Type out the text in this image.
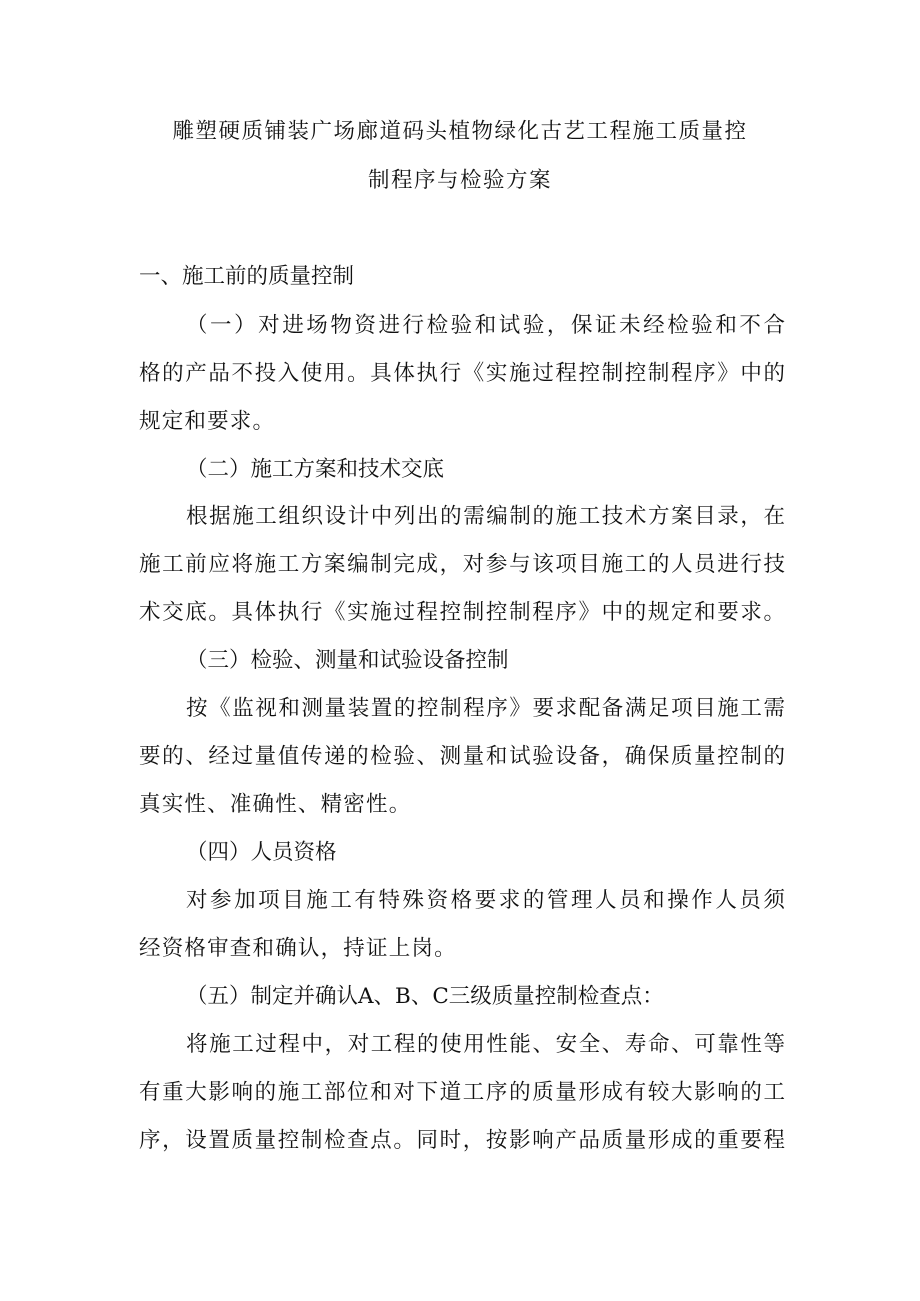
雕塑硬质铺装广场廊道码头植物绿化古艺工程施工质量控
制程序与检验方案

一、施工前的质量控制

（一）对进场物资进行检验和试验，保证未经检验和不合

格的产品不投入使用。具体执行《实施过程控制控制程序》中的

规定和要求。

（二）施工方案和技术交底

根据施工组织设计中列出的需编制的施工技术方案目录，在

施工前应将施工方案编制完成，对参与该项目施工的人员进行技

术交底。具体执行《实施过程控制控制程序》中的规定和要求。

（三）检验、测量和试验设备控制

按《监视和测量装置的控制程序》要求配备满足项目施工需

要的、经过量值传递的检验、测量和试验设备，确保质量控制的

真实性、准确性、精密性。

（四）人员资格

对参加项目施工有特殊资格要求的管理人员和操作人员须

经资格审查和确认，持证上岗。

（五）制定并确认A、B、C三级质量控制检查点：

将施工过程中，对工程的使用性能、安全、寿命、可靠性等

有重大影响的施工部位和对下道工序的质量形成有较大影响的工

序，设置质量控制检查点。同时，按影响产品质量形成的重要程
